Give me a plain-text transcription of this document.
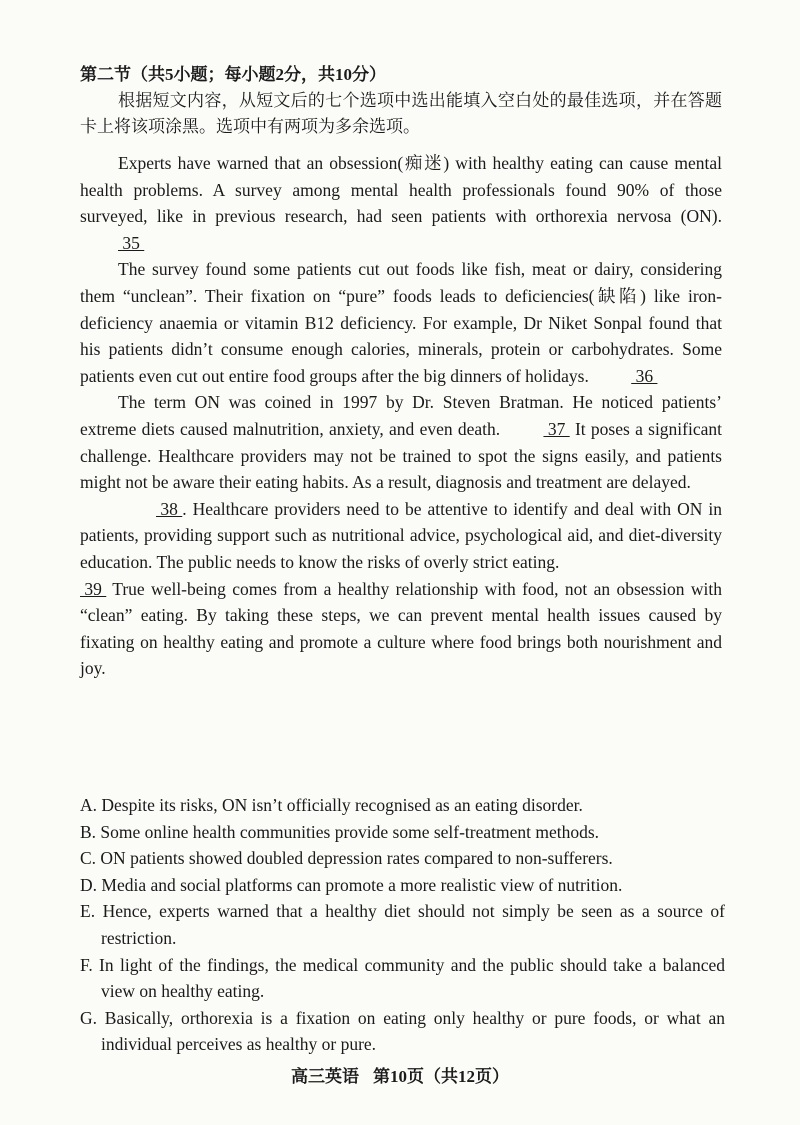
第二节（共5小题；每小题2分，共10分）
根据短文内容，从短文后的七个选项中选出能填入空白处的最佳选项，并在答题卡上将该项涂黑。选项中有两项为多余选项。

Experts have warned that an obsession(痴迷) with healthy eating can cause mental health problems. A survey among mental health professionals found 90% of those surveyed, like in previous research, had seen patients with orthorexia nervosa (ON).  35

The survey found some patients cut out foods like fish, meat or dairy, considering them “unclean”. Their fixation on “pure” foods leads to deficiencies(缺陷) like iron-deficiency anaemia or vitamin B12 deficiency. For example, Dr Niket Sonpal found that his patients didn’t consume enough calories, minerals, protein or carbohydrates. Some patients even cut out entire food groups after the big dinners of holidays.  36

The term ON was coined in 1997 by Dr. Steven Bratman. He noticed patients’ extreme diets caused malnutrition, anxiety, and even death.  37  It poses a significant challenge. Healthcare providers may not be trained to spot the signs easily, and patients might not be aware their eating habits. As a result, diagnosis and treatment are delayed.

38 . Healthcare providers need to be attentive to identify and deal with ON in patients, providing support such as nutritional advice, psychological aid, and diet-diversity education. The public needs to know the risks of overly strict eating.

39  True well-being comes from a healthy relationship with food, not an obsession with “clean” eating. By taking these steps, we can prevent mental health issues caused by fixating on healthy eating and promote a culture where food brings both nourishment and joy.

A. Despite its risks, ON isn’t officially recognised as an eating disorder.
B. Some online health communities provide some self-treatment methods.
C. ON patients showed doubled depression rates compared to non-sufferers.
D. Media and social platforms can promote a more realistic view of nutrition.
E. Hence, experts warned that a healthy diet should not simply be seen as a source of restriction.
F. In light of the findings, the medical community and the public should take a balanced view on healthy eating.
G. Basically, orthorexia is a fixation on eating only healthy or pure foods, or what an individual perceives as healthy or pure.
高三英语 第10页（共12页）
